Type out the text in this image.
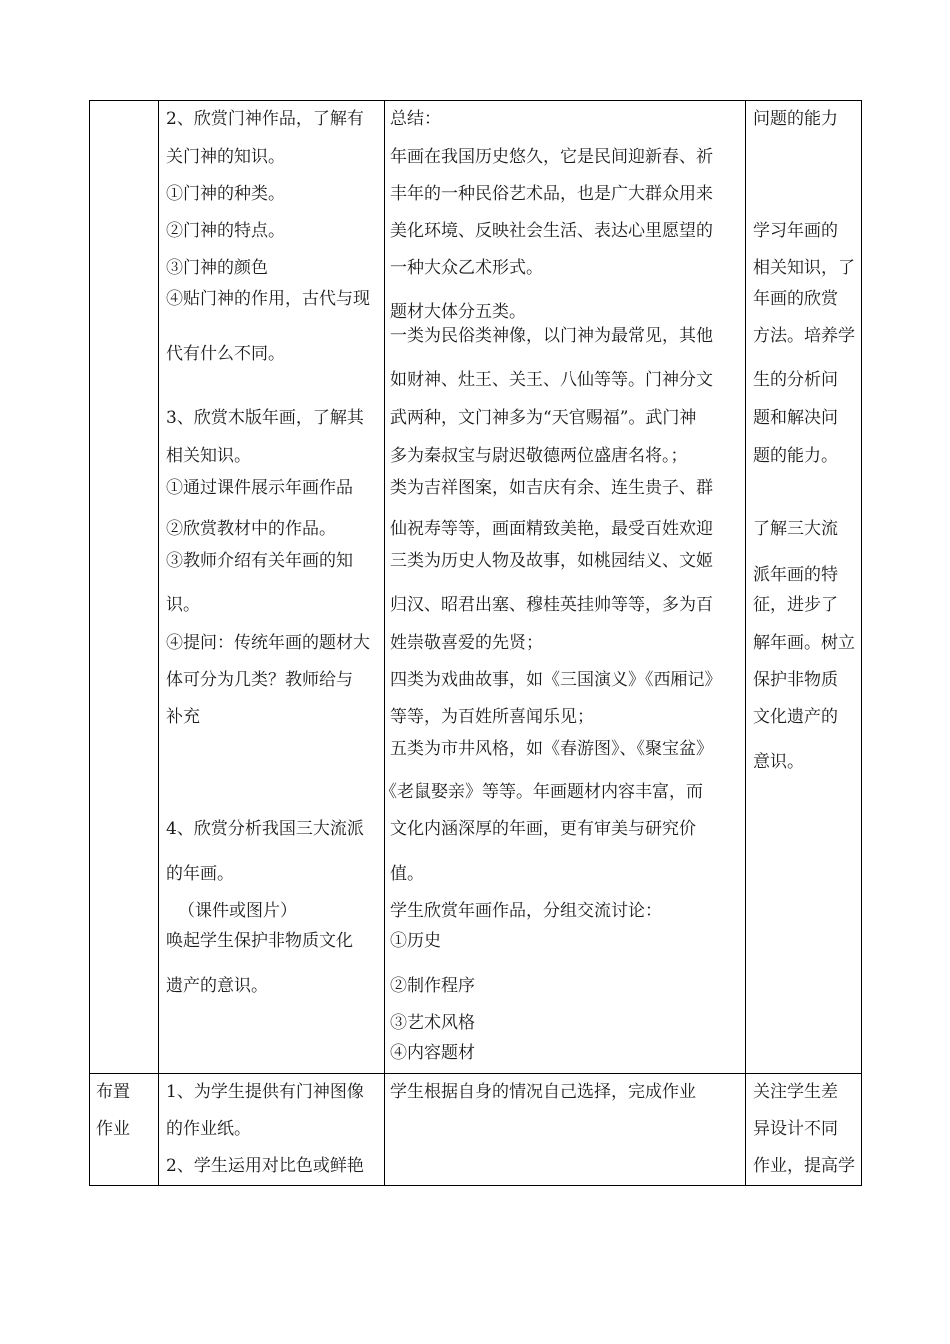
2、欣赏门神作品，了解有
关门神的知识。
①门神的种类。
②门神的特点。
③门神的颜色
④贴门神的作用，古代与现
代有什么不同。
3、欣赏木版年画，了解其
相关知识。
①通过课件展示年画作品
②欣赏教材中的作品。
③教师介绍有关年画的知
识。
④提问：传统年画的题材大
体可分为几类？教师给与
补充
4、欣赏分析我国三大流派
的年画。
（课件或图片）
唤起学生保护非物质文化
遗产的意识。
总结：
年画在我国历史悠久，它是民间迎新春、祈
丰年的一种民俗艺术品，也是广大群众用来
美化环境、反映社会生活、表达心里愿望的
一种大众乙术形式。
题材大体分五类。
一类为民俗类神像，以门神为最常见，其他
如财神、灶王、关王、八仙等等。门神分文
武两种，文门神多为“天官赐福”。武门神
多为秦叔宝与尉迟敬德两位盛唐名将。；
类为吉祥图案，如吉庆有余、连生贵子、群
仙祝寿等等，画面精致美艳，最受百姓欢迎
三类为历史人物及故事，如桃园结义、文姬
归汉、昭君出塞、穆桂英挂帅等等，多为百
姓崇敬喜爱的先贤；
四类为戏曲故事，如《三国演义》《西厢记》
等等，为百姓所喜闻乐见；
五类为市井风格，如《春游图》、《聚宝盆》
《老鼠娶亲》等等。年画题材内容丰富，而
文化内涵深厚的年画，更有审美与研究价
值。
学生欣赏年画作品，分组交流讨论：
①历史
②制作程序
③艺术风格
④内容题材
问题的能力
学习年画的
相关知识，了
年画的欣赏
方法。培养学
生的分析问
题和解决问
题的能力。
了解三大流
派年画的特
征，进步了
解年画。树立
保护非物质
文化遗产的
意识。
布置
作业
1、为学生提供有门神图像
的作业纸。
2、学生运用对比色或鲜艳
学生根据自身的情况自己选择，完成作业	关注学生差
异设计不同
作业，提高学
